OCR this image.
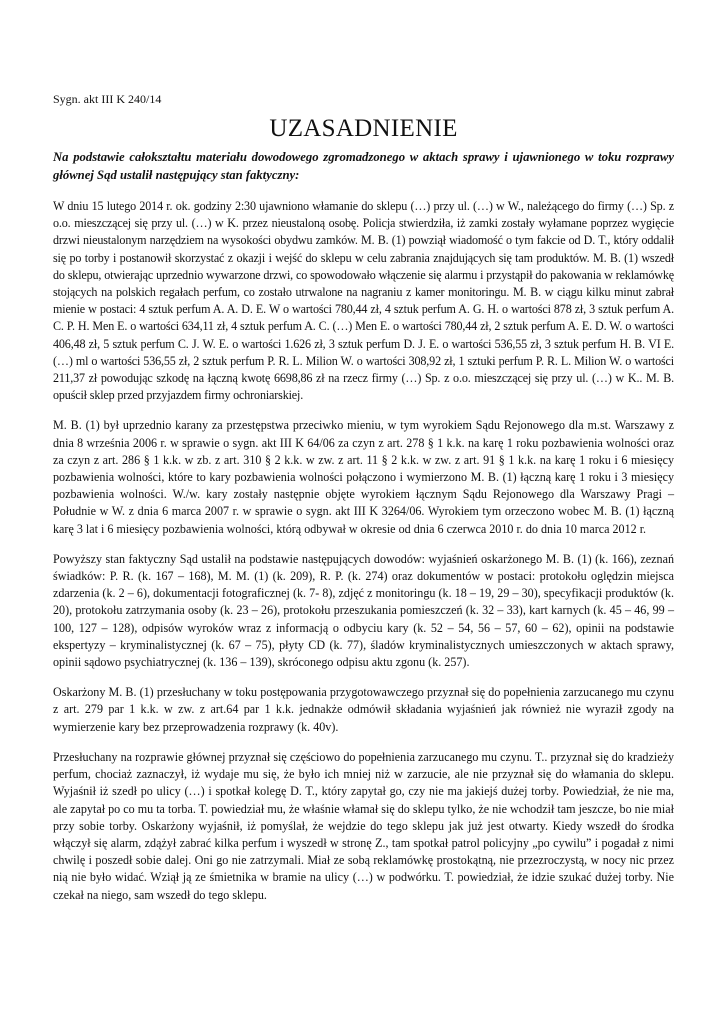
Sygn. akt III K 240/14
UZASADNIENIE
Na podstawie całokształtu materiału dowodowego zgromadzonego w aktach sprawy i ujawnionego w toku rozprawy głównej Sąd ustalił następujący stan faktyczny:

W dniu 15 lutego 2014 r. ok. godziny 2:30 ujawniono włamanie do sklepu (…) przy ul. (…) w W., należącego do firmy (…) Sp. z o.o. mieszczącej się przy ul. (…) w K. przez nieustaloną osobę. Policja stwierdziła, iż zamki zostały wyłamane poprzez wygięcie drzwi nieustalonym narzędziem na wysokości obydwu zamków. M. B. (1) powziął wiadomość o tym fakcie od D. T., który oddalił się po torby i postanowił skorzystać z okazji i wejść do sklepu w celu zabrania znajdujących się tam produktów. M. B. (1) wszedł do sklepu, otwierając uprzednio wywarzone drzwi, co spowodowało włączenie się alarmu i przystąpił do pakowania w reklamówkę stojących na polskich regałach perfum, co zostało utrwalone na nagraniu z kamer monitoringu. M. B. w ciągu kilku minut zabrał mienie w postaci: 4 sztuk perfum A. A. D. E. W o wartości 780,44 zł, 4 sztuk perfum A. G. H. o wartości 878 zł, 3 sztuk perfum A. C. P. H. Men E. o wartości 634,11 zł, 4 sztuk perfum A. C. (…) Men E. o wartości 780,44 zł, 2 sztuk perfum A. E. D. W. o wartości 406,48 zł, 5 sztuk perfum C. J. W. E. o wartości 1.626 zł, 3 sztuk perfum D. J. E. o wartości 536,55 zł, 3 sztuk perfum H. B. VI E. (…) ml o wartości 536,55 zł, 2 sztuk perfum P. R. L. Milion W. o wartości 308,92 zł, 1 sztuki perfum P. R. L. Milion W. o wartości 211,37 zł powodując szkodę na łączną kwotę 6698,86 zł na rzecz firmy (…) Sp. z o.o. mieszczącej się przy ul. (…) w K.. M. B. opuścił sklep przed przyjazdem firmy ochroniarskiej.

M. B. (1) był uprzednio karany za przestępstwa przeciwko mieniu, w tym wyrokiem Sądu Rejonowego dla m.st. Warszawy z dnia 8 września 2006 r. w sprawie o sygn. akt III K 64/06 za czyn z art. 278 § 1 k.k. na karę 1 roku pozbawienia wolności oraz za czyn z art. 286 § 1 k.k. w zb. z art. 310 § 2 k.k. w zw. z art. 11 § 2 k.k. w zw. z art. 91 § 1 k.k. na karę 1 roku i 6 miesięcy pozbawienia wolności, które to kary pozbawienia wolności połączono i wymierzono M. B. (1) łączną karę 1 roku i 3 miesięcy pozbawienia wolności. W./w. kary zostały następnie objęte wyrokiem łącznym Sądu Rejonowego dla Warszawy Pragi – Południe w W. z dnia 6 marca 2007 r. w sprawie o sygn. akt III K 3264/06. Wyrokiem tym orzeczono wobec M. B. (1) łączną karę 3 lat i 6 miesięcy pozbawienia wolności, którą odbywał w okresie od dnia 6 czerwca 2010 r. do dnia 10 marca 2012 r.

Powyższy stan faktyczny Sąd ustalił na podstawie następujących dowodów: wyjaśnień oskarżonego M. B. (1) (k. 166), zeznań świadków: P. R. (k. 167 – 168), M. M. (1) (k. 209), R. P. (k. 274) oraz dokumentów w postaci: protokołu oględzin miejsca zdarzenia (k. 2 – 6), dokumentacji fotograficznej (k. 7- 8), zdjęć z monitoringu (k. 18 – 19, 29 – 30), specyfikacji produktów (k. 20), protokołu zatrzymania osoby (k. 23 – 26), protokołu przeszukania pomieszczeń (k. 32 – 33), kart karnych (k. 45 – 46, 99 – 100, 127 – 128), odpisów wyroków wraz z informacją o odbyciu kary (k. 52 – 54, 56 – 57, 60 – 62), opinii na podstawie ekspertyzy – kryminalistycznej (k. 67 – 75), płyty CD (k. 77), śladów kryminalistycznych umieszczonych w aktach sprawy, opinii sądowo psychiatrycznej (k. 136 – 139), skróconego odpisu aktu zgonu (k. 257).

Oskarżony M. B. (1) przesłuchany w toku postępowania przygotowawczego przyznał się do popełnienia zarzucanego mu czynu z art. 279 par 1 k.k. w zw. z art.64 par 1 k.k. jednakże odmówił składania wyjaśnień jak również nie wyraził zgody na wymierzenie kary bez przeprowadzenia rozprawy (k. 40v).

Przesłuchany na rozprawie głównej przyznał się częściowo do popełnienia zarzucanego mu czynu. T.. przyznał się do kradzieży perfum, chociaż zaznaczył, iż wydaje mu się, że było ich mniej niż w zarzucie, ale nie przyznał się do włamania do sklepu. Wyjaśnił iż szedł po ulicy (…) i spotkał kolegę D. T., który zapytał go, czy nie ma jakiejś dużej torby. Powiedział, że nie ma, ale zapytał po co mu ta torba. T. powiedział mu, że właśnie włamał się do sklepu tylko, że nie wchodził tam jeszcze, bo nie miał przy sobie torby. Oskarżony wyjaśnił, iż pomyślał, że wejdzie do tego sklepu jak już jest otwarty. Kiedy wszedł do środka włączył się alarm, zdążył zabrać kilka perfum i wyszedł w stronę Z., tam spotkał patrol policyjny „po cywilu” i pogadał z nimi chwilę i poszedł sobie dalej. Oni go nie zatrzymali. Miał ze sobą reklamówkę prostokątną, nie przezroczystą, w nocy nic przez nią nie było widać. Wziął ją ze śmietnika w bramie na ulicy (…) w podwórku. T. powiedział, że idzie szukać dużej torby. Nie czekał na niego, sam wszedł do tego sklepu.
